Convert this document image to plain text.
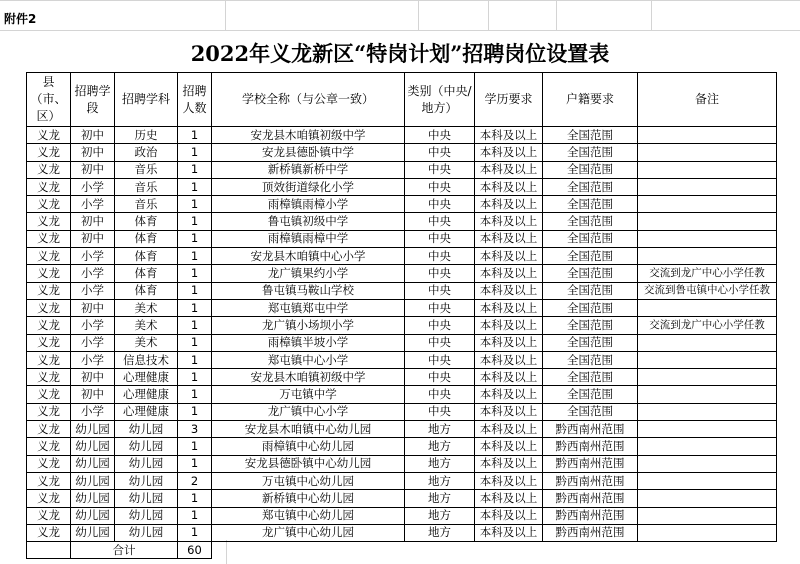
附件2
2022年义龙新区“特岗计划”招聘岗位设置表
县（市、区）	招聘学段	招聘学科	招聘人数	学校全称（与公章一致）	类别（中央/地方）	学历要求	户籍要求	备注
义龙	初中	历史	1	安龙县木咱镇初级中学	中央	本科及以上	全国范围	
义龙	初中	政治	1	安龙县德卧镇中学	中央	本科及以上	全国范围	
义龙	初中	音乐	1	新桥镇新桥中学	中央	本科及以上	全国范围	
义龙	小学	音乐	1	顶效街道绿化小学	中央	本科及以上	全国范围	
义龙	小学	音乐	1	雨樟镇雨樟小学	中央	本科及以上	全国范围	
义龙	初中	体育	1	鲁屯镇初级中学	中央	本科及以上	全国范围	
义龙	初中	体育	1	雨樟镇雨樟中学	中央	本科及以上	全国范围	
义龙	小学	体育	1	安龙县木咱镇中心小学	中央	本科及以上	全国范围	
义龙	小学	体育	1	龙广镇果约小学	中央	本科及以上	全国范围	交流到龙广中心小学任教
义龙	小学	体育	1	鲁屯镇马鞍山学校	中央	本科及以上	全国范围	交流到鲁屯镇中心小学任教
义龙	初中	美术	1	郑屯镇郑屯中学	中央	本科及以上	全国范围	
义龙	小学	美术	1	龙广镇小场坝小学	中央	本科及以上	全国范围	交流到龙广中心小学任教
义龙	小学	美术	1	雨樟镇半坡小学	中央	本科及以上	全国范围	
义龙	小学	信息技术	1	郑屯镇中心小学	中央	本科及以上	全国范围	
义龙	初中	心理健康	1	安龙县木咱镇初级中学	中央	本科及以上	全国范围	
义龙	初中	心理健康	1	万屯镇中学	中央	本科及以上	全国范围	
义龙	小学	心理健康	1	龙广镇中心小学	中央	本科及以上	全国范围	
义龙	幼儿园	幼儿园	3	安龙县木咱镇中心幼儿园	地方	本科及以上	黔西南州范围	
义龙	幼儿园	幼儿园	1	雨樟镇中心幼儿园	地方	本科及以上	黔西南州范围	
义龙	幼儿园	幼儿园	1	安龙县德卧镇中心幼儿园	地方	本科及以上	黔西南州范围	
义龙	幼儿园	幼儿园	2	万屯镇中心幼儿园	地方	本科及以上	黔西南州范围	
义龙	幼儿园	幼儿园	1	新桥镇中心幼儿园	地方	本科及以上	黔西南州范围	
义龙	幼儿园	幼儿园	1	郑屯镇中心幼儿园	地方	本科及以上	黔西南州范围	
义龙	幼儿园	幼儿园	1	龙广镇中心幼儿园	地方	本科及以上	黔西南州范围	
	合计		60					
